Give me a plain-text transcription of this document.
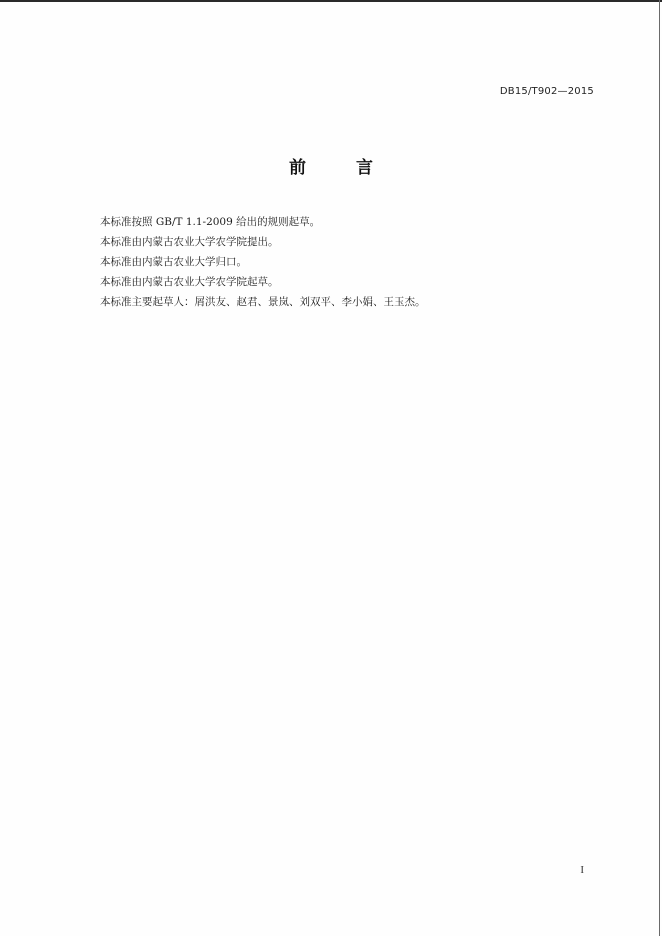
DB15/T902—2015
前 言
本标准按照 GB/T 1.1-2009 给出的规则起草。
本标准由内蒙古农业大学农学院提出。
本标准由内蒙古农业大学归口。
本标准由内蒙古农业大学农学院起草。
本标准主要起草人：屑洪友、赵君、景岚、刘双平、李小娟、王玉杰。
I
